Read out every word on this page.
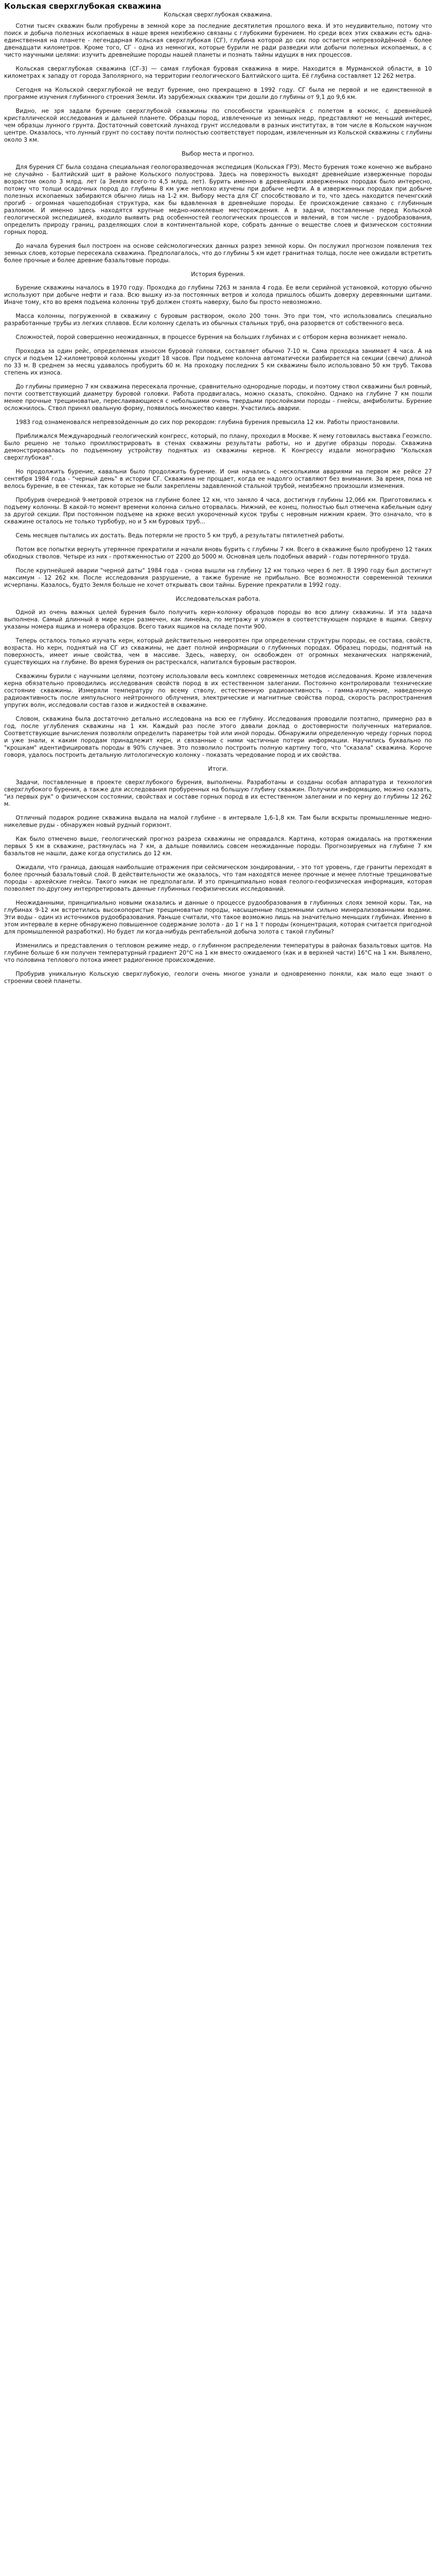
Кольская сверхглубокая скважина
Кольская сверхглубокая скважина.

Сотни тысяч скважин были пробурены в земной коре за последние десятилетия прошлого века. И это неудивительно, потому что поиск и добыча полезных ископаемых в наше время неизбежно связаны с глубокими бурением. Но среди всех этих скважин есть одна-единственная на планете - легендарная Кольская сверхглубокая (СГ), глубина которой до сих пор остается непревзойдённой - более двенадцати километров. Кроме того, СГ - одна из немногих, которые бурили не ради разведки или добычи полезных ископаемых, а с чисто научными целями: изучить древнейшие породы нашей планеты и познать тайны идущих в них процессов.

Кольская сверхглубокая скважина (СГ-3) — самая глубокая буровая скважина в мире. Находится в Мурманской области, в 10 километрах к западу от города Заполярного, на территории геологического Балтийского щита. Её глубина составляет 12 262 метра.

Сегодня на Кольской сверхглубокой не ведут бурение, оно прекращено в 1992 году. СГ была не первой и не единственной в программе изучения глубинного строения Земли. Из зарубежных скважин три дошли до глубины от 9,1 до 9,6 км.

Видно, не зря задали бурение сверхглубокой скважины по способности хранящейся с полетом в космос, с древнейшей кристаллической исследования и дальней планете. Образцы пород, извлеченные из земных недр, представляют не меньший интерес, чем образцы лунного грунта. Достаточный советский лунаход грунт исследовали в разных институтах, в том числе в Кольском научном центре. Оказалось, что лунный грунт по составу почти полностью соответствует породам, извлеченным из Кольской скважины с глубины около 3 км.

Выбор места и прогноз.

Для бурения СГ была создана специальная геологоразведочная экспедиция (Кольская ГРЭ). Место бурения тоже конечно же выбрано не случайно - Балтийский щит в районе Кольского полуострова. Здесь на поверхность выходят древнейшие изверженные породы возрастом около 3 млрд. лет (а Земля всего-то 4,5 млрд. лет). Бурить именно в древнейших изверженных породах было интересно, потому что толщи осадочных пород до глубины 8 км уже неплохо изучены при добыче нефти. А в изверженных породах при добыче полезных ископаемых забираются обычно лишь на 1-2 км. Выбору места для СГ способствовало и то, что здесь находится печенгский прогиб - огромная чашеподобная структура, как бы вдавленная в древнейшие породы. Ее происхождение связано с глубинным разломом. И именно здесь находятся крупные медно-никелевые месторождения. А в задачи, поставленные перед Кольской геологической экспедицией, входило выявить ряд особенностей геологических процессов и явлений, в том числе - рудообразования, определить природу границ, разделяющих слои в континентальной коре, собрать данные о веществе слоев и физическом состоянии горных пород.

До начала бурения был построен на основе сейсмологических данных разрез земной коры. Он послужил прогнозом появления тех земных слоев, которые пересекала скважина. Предполагалось, что до глубины 5 км идет гранитная толща, после нее ожидали встретить более прочные и более древние базальтовые породы.

История бурения.

Бурение скважины началось в 1970 году. Проходка до глубины 7263 м заняла 4 года. Ее вели серийной установкой, которую обычно используют при добыче нефти и газа. Всю вышку из-за постоянных ветров и холода пришлось обшить доверху деревянными щитами. Иначе тому, кто во время подъема колонны труб должен стоять наверху, было бы просто невозможно.

Масса колонны, погруженной в скважину с буровым раствором, около 200 тонн. Это при том, что использовались специально разработанные трубы из легких сплавов. Если колонну сделать из обычных стальных труб, она разорвется от собственного веса.

Сложностей, порой совершенно неожиданных, в процессе бурения на больших глубинах и с отбором керна возникает немало.

Проходка за один рейс, определяемая износом буровой головки, составляет обычно 7-10 м. Сама проходка занимает 4 часа. А на спуск и подъем 12-километровой колонны уходит 18 часов. При подъеме колонна автоматически разбирается на секции (свечи) длиной по 33 м. В среднем за месяц удавалось пробурить 60 м. На проходку последних 5 км скважины было использовано 50 км труб. Такова степень их износа.

До глубины примерно 7 км скважина пересекала прочные, сравнительно однородные породы, и поэтому ствол скважины был ровный, почти соответствующий диаметру буровой головки. Работа продвигалась, можно сказать, спокойно. Однако на глубине 7 км пошли менее прочные трещиноватые, переслаивающиеся с небольшими очень твердыми прослойками породы - гнейсы, амфиболиты. Бурение осложнилось. Ствол принял овальную форму, появилось множество каверн. Участились аварии.

1983 год ознаменовался непревзойденным до сих пор рекордом: глубина бурения превысила 12 км. Работы приостановили.

Приближался Международный геологический конгресс, который, по плану, проходил в Москве. К нему готовилась выставка Геоэкспо. Было решено не только проиллюстрировать в стенах скважины результаты работы, но и другие образцы породы. Скважина демонстрировалась по подъемному устройству поднятых из скважины кернов. К Конгрессу издали монографию "Кольская сверхглубокая".

Но продолжить бурение, кавальни было продолжить бурение. И они начались с несколькими авариями на первом же рейсе 27 сентября 1984 года - "черный день" в истории СГ. Скважина не прощает, когда ее надолго оставляют без внимания. За время, пока не велось бурение, в ее стенках, так которые не были закреплены задавленной стальной трубой, неизбежно произошли изменения.

Пробурив очередной 9-метровой отрезок на глубине более 12 км, что заняло 4 часа, достигнув глубины 12,066 км. Приготовились к подъему колонны. В какой-то момент времени колонна сильно оторвалась. Нижний, ее конец, полностью был отмечена кабельным одну за другой секции. При постоянном подъеме на крюке весил укороченный кусок трубы с неровным нижним краем. Это означало, что в скважине осталось не только турбобур, но и 5 км буровых труб...

Семь месяцев пытались их достать. Ведь потеряли не просто 5 км труб, а результаты пятилетней работы.

Потом все попытки вернуть утерянное прекратили и начали вновь бурить с глубины 7 км. Всего в скважине было пробурено 12 таких обходных стволов. Четыре из них - протяженностью от 2200 до 5000 м. Основная цель подобных аварий - годы потерянного труда.

После крупнейшей аварии "черной даты" 1984 года - снова вышли на глубину 12 км только через 6 лет. В 1990 году был достигнут максимум - 12 262 км. После исследования разрушение, а также бурение не прибыльно. Все возможности современной техники исчерпаны. Казалось, будто Земля больше не хочет открывать свои тайны. Бурение прекратили в 1992 году.

Исследовательская работа.

Одной из очень важных целей бурения было получить керн-колонку образцов породы во всю длину скважины. И эта задача выполнена. Самый длинный в мире керн размечен, как линейка, по метражу и уложен в соответствующем порядке в ящики. Сверху указаны номера ящика и номера образцов. Всего таких ящиков на складе почти 900.

Теперь осталось только изучать керн, который действительно невероятен при определении структуры породы, ее состава, свойств, возраста. Но керн, поднятый на СГ из скважины, не дает полной информации о глубинных породах. Образец породы, поднятый на поверхность, имеет иные свойства, чем в массиве. Здесь, наверху, он освобожден от огромных механических напряжений, существующих на глубине. Во время бурения он растрескался, напитался буровым раствором.

Скважины бурили с научными целями, поэтому использовали весь комплекс современных методов исследования. Кроме извлечения керна обязательно проводились исследования свойств пород в их естественном залегании. Постоянно контролировали технические состояние скважины. Измеряли температуру по всему стволу, естественную радиоактивность - гамма-излучение, наведенную радиоактивность после импульсного нейтронного облучения, электрические и магнитные свойства пород, скорость распространения упругих волн, исследовали состав газов и жидкостей в скважине.

Словом, скважина была достаточно детально исследована на всю ее глубину. Исследования проводили поэтапно, примерно раз в год, после углубления скважины на 1 км. Каждый раз после этого давали доклад о достоверности полученных материалов. Соответствующие вычисления позволяли определить параметры той или иной породы. Обнаружили определенную череду горных пород и уже знали, к каким породам принадлежит керн, и связанные с ними частичные потери информации. Научились буквально по "крошкам" идентифицировать породы в 90% случаев. Это позволило построить полную картину того, что "сказала" скважина. Короче говоря, удалось построить детальную литологическую колонку - показать чередование пород и их свойства.

Итоги.

Задачи, поставленные в проекте сверхглубокого бурения, выполнены. Разработаны и созданы особая аппаратура и технология сверхглубокого бурения, а также для исследования пробуренных на большую глубину скважин. Получили информацию, можно сказать, "из первых рук" о физическом состоянии, свойствах и составе горных пород в их естественном залегании и по керну до глубины 12 262 м.

Отличный подарок родине скважина выдала на малой глубине - в интервале 1,6-1,8 км. Там были вскрыты промышленные медно-никелевые руды - обнаружен новый рудный горизонт.

Как было отмечено выше, геологический прогноз разреза скважины не оправдался. Картина, которая ожидалась на протяжении первых 5 км в скважине, растянулась на 7 км, а дальше появились совсем неожиданные породы. Прогнозируемых на глубине 7 км базальтов не нашли, даже когда опустились до 12 км.

Ожидали, что граница, дающая наибольшие отражения при сейсмическом зондировании, - это тот уровень, где граниты переходят в более прочный базальтовый слой. В действительности же оказалось, что там находятся менее прочные и менее плотные трещиноватые породы - архейские гнейсы. Такого никак не предполагали. И это принципиально новая геолого-геофизическая информация, которая позволяет по-другому интерпретировать данные глубинных геофизических исследований.

Неожиданными, принципиально новыми оказались и данные о процессе рудообразования в глубинных слоях земной коры. Так, на глубинах 9-12 км встретились высокопористые трещиноватые породы, насыщенные подземными сильно минерализованными водами. Эти воды - один из источников рудообразования. Раньше считали, что такое возможно лишь на значительно меньших глубинах. Именно в этом интервале в керне обнаружено повышенное содержание золота - до 1 г на 1 т породы (концентрация, которая считается пригодной для промышленной разработки). Но будет ли когда-нибудь рентабельной добыча золота с такой глубины?

Изменились и представления о тепловом режиме недр, о глубинном распределении температуры в районах базальтовых щитов. На глубине больше 6 км получен температурный градиент 20°С на 1 км вместо ожидаемого (как и в верхней части) 16°С на 1 км. Выявлено, что половина теплового потока имеет радиогенное происхождение.

Пробурив уникальную Кольскую сверхглубокую, геологи очень многое узнали и одновременно поняли, как мало еще знают о строении своей планеты.
